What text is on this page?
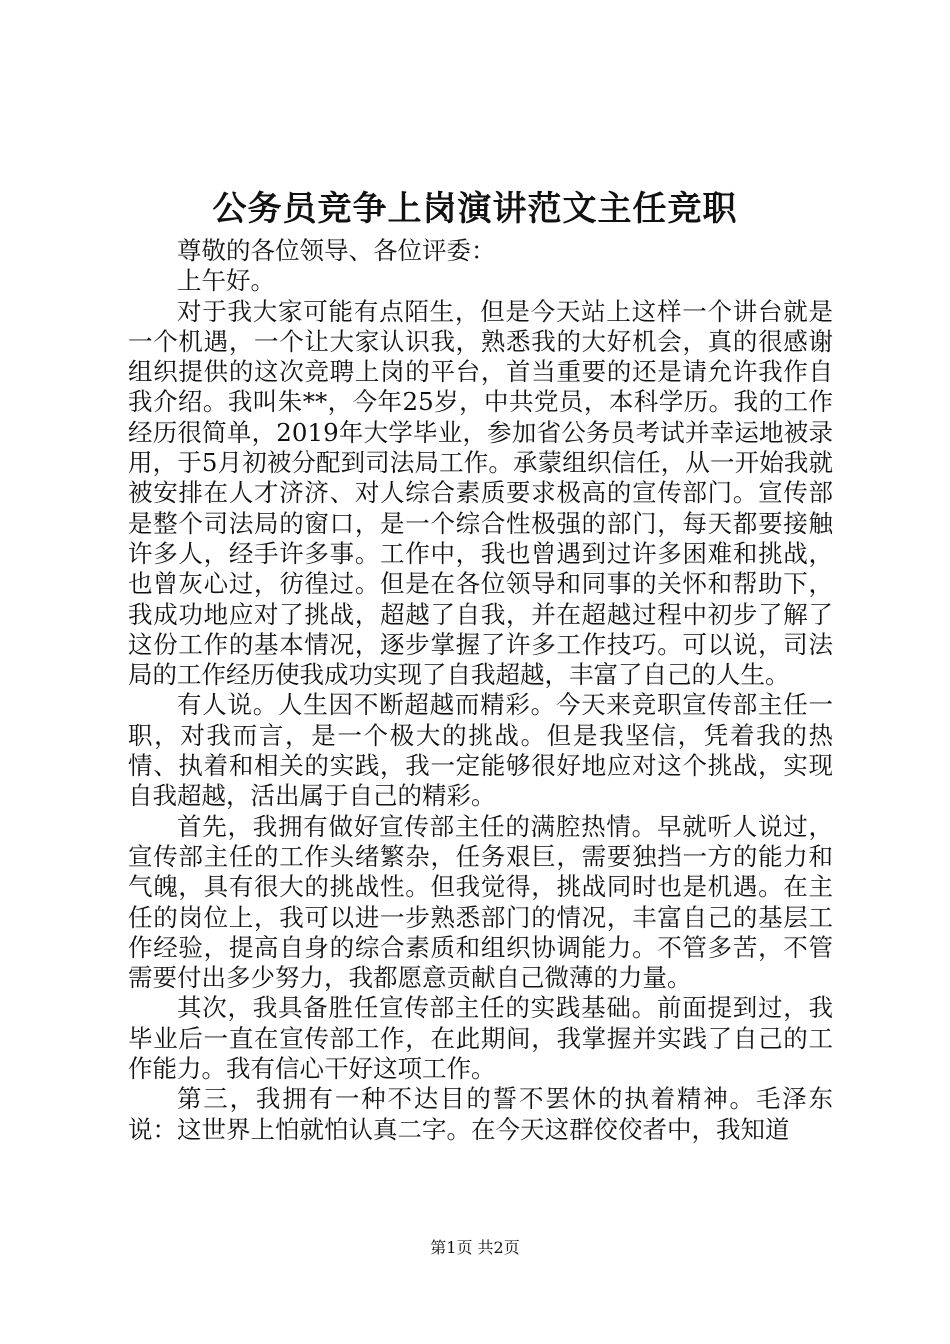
公务员竞争上岗演讲范文主任竞职

尊敬的各位领导、各位评委：

上午好。

对于我大家可能有点陌生，但是今天站上这样一个讲台就是一个机遇，一个让大家认识我，熟悉我的大好机会，真的很感谢组织提供的这次竞聘上岗的平台，首当重要的还是请允许我作自我介绍。我叫朱**，今年25岁，中共党员，本科学历。我的工作经历很简单，2019年大学毕业，参加省公务员考试并幸运地被录用，于5月初被分配到司法局工作。承蒙组织信任，从一开始我就被安排在人才济济、对人综合素质要求极高的宣传部门。宣传部是整个司法局的窗口，是一个综合性极强的部门，每天都要接触许多人，经手许多事。工作中，我也曾遇到过许多困难和挑战，也曾灰心过，彷徨过。但是在各位领导和同事的关怀和帮助下，我成功地应对了挑战，超越了自我，并在超越过程中初步了解了这份工作的基本情况，逐步掌握了许多工作技巧。可以说，司法局的工作经历使我成功实现了自我超越，丰富了自己的人生。

有人说。人生因不断超越而精彩。今天来竞职宣传部主任一职，对我而言，是一个极大的挑战。但是我坚信，凭着我的热情、执着和相关的实践，我一定能够很好地应对这个挑战，实现自我超越，活出属于自己的精彩。

首先，我拥有做好宣传部主任的满腔热情。早就听人说过，宣传部主任的工作头绪繁杂，任务艰巨，需要独挡一方的能力和气魄，具有很大的挑战性。但我觉得，挑战同时也是机遇。在主任的岗位上，我可以进一步熟悉部门的情况，丰富自己的基层工作经验，提高自身的综合素质和组织协调能力。不管多苦，不管需要付出多少努力，我都愿意贡献自己微薄的力量。

其次，我具备胜任宣传部主任的实践基础。前面提到过，我毕业后一直在宣传部工作，在此期间，我掌握并实践了自己的工作能力。我有信心干好这项工作。

第三，我拥有一种不达目的誓不罢休的执着精神。毛泽东说：这世界上怕就怕认真二字。在今天这群佼佼者中，我知道

第1页 共2页
